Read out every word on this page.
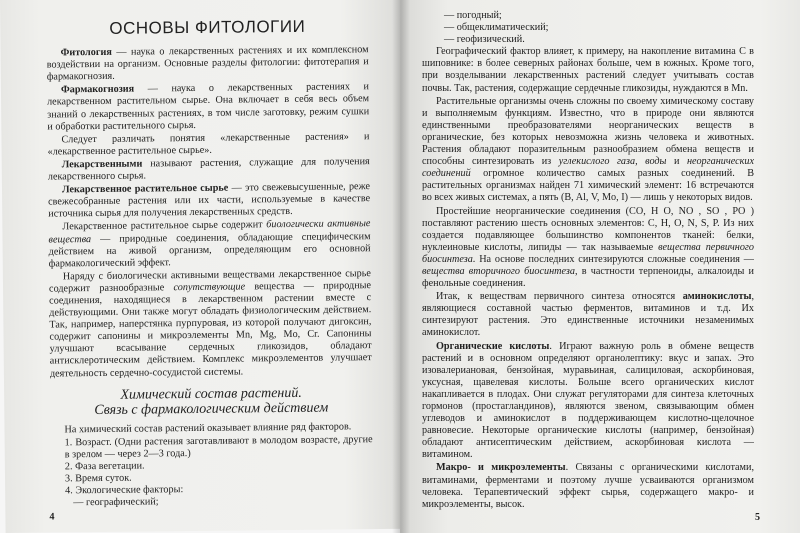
ОСНОВЫ ФИТОЛОГИИ

Фитология — наука о лекарственных растениях и их комплексном воздействии на организм. Основные разделы фитологии: фитотерапия и фармакогнозия.

Фармакогнозия — наука о лекарственных растениях и лекарственном растительном сырье. Она включает в себя весь объем знаний о лекарственных растениях, в том числе заготовку, режим сушки и обработки растительного сырья.

Следует различать понятия «лекарственные растения» и «лекарственное растительное сырье».

Лекарственными называют растения, служащие для получения лекарственного сырья.

Лекарственное растительное сырье — это свежевысушенные, реже свежесобранные растения или их части, используемые в качестве источника сырья для получения лекарственных средств.

Лекарственное растительное сырье содержит биологически активные вещества — природные соединения, обладающие специфическим действием на живой организм, определяющим его основной фармакологический эффект.

Наряду с биологически активными веществами лекарственное сырье содержит разнообразные сопутствующие вещества — природные соединения, находящиеся в лекарственном растении вместе с действующими. Они также могут обладать физиологическим действием. Так, например, наперстянка пурпуровая, из которой получают дигоксин, содержит сапонины и микроэлементы Mn, Mg, Mo, Cr. Сапонины улучшают всасывание сердечных гликозидов, обладают антисклеротическим действием. Комплекс микроэлементов улучшает деятельность сердечно-сосудистой системы.

Химический состав растений.
Связь с фармакологическим действием

На химический состав растений оказывает влияние ряд факторов.

1. Возраст. (Одни растения заготавливают в молодом возрасте, другие в зрелом — через 2—3 года.)

2. Фаза вегетации.

3. Время суток.

4. Экологические факторы:

— географический;

4

— погодный;

— общеклиматический;

— геофизический.

Географический фактор влияет, к примеру, на накопление витамина С в шиповнике: в более северных районах больше, чем в южных. Кроме того, при возделывании лекарственных растений следует учитывать состав почвы. Так, растения, содержащие сердечные гликозиды, нуждаются в Mn.

Растительные организмы очень сложны по своему химическому составу и выполняемым функциям. Известно, что в природе они являются единственными преобразователями неорганических веществ в органические, без которых невозможна жизнь человека и животных. Растения обладают поразительным разнообразием обмена веществ и способны синтезировать из углекислого газа, воды и неорганических соединений огромное количество самых разных соединений. В растительных организмах найден 71 химический элемент: 16 встречаются во всех живых системах, а пять (B, Al, V, Mo, I) — лишь у некоторых видов.

Простейшие неорганические соединения (CO, H O, NO , SO , PO ) поставляют растению шесть основных элементов: C, H, O, N, S, P. Из них создается подавляющее большинство компонентов тканей: белки, нуклеиновые кислоты, липиды — так называемые вещества первичного биосинтеза. На основе последних синтезируются сложные соединения — вещества вторичного биосинтеза, в частности терпеноиды, алкалоиды и фенольные соединения.

Итак, к веществам первичного синтеза относятся аминокислоты, являющиеся составной частью ферментов, витаминов и т.д. Их синтезируют растения. Это единственные источники незаменимых аминокислот.

Органические кислоты. Играют важную роль в обмене веществ растений и в основном определяют органолептику: вкус и запах. Это изовалериановая, бензойная, муравьиная, салициловая, аскорбиновая, уксусная, щавелевая кислоты. Больше всего органических кислот накапливается в плодах. Они служат регуляторами для синтеза клеточных гормонов (простагландинов), являются звеном, связывающим обмен углеводов и аминокислот в поддерживающем кислотно-щелочное равновесие. Некоторые органические кислоты (например, бензойная) обладают антисептическим действием, аскорбиновая кислота — витамином.

Макро- и микроэлементы. Связаны с органическими кислотами, витаминами, ферментами и поэтому лучше усваиваются организмом человека. Терапевтический эффект сырья, содержащего макро- и микроэлементы, высок.

5
